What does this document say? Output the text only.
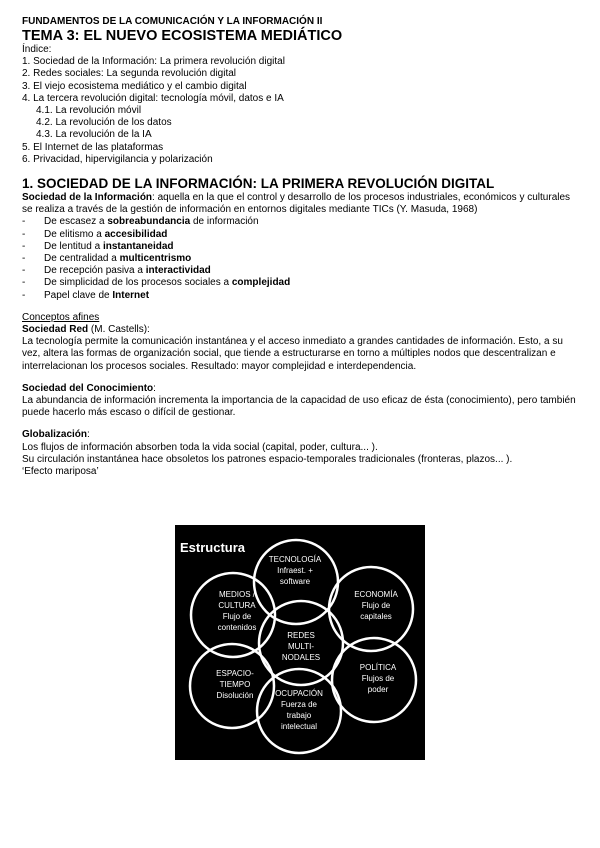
FUNDAMENTOS DE LA COMUNICACIÓN Y LA INFORMACIÓN II
TEMA 3: EL NUEVO ECOSISTEMA MEDIÁTICO
Índice:
1. Sociedad de la Información: La primera revolución digital
2. Redes sociales: La segunda revolución digital
3. El viejo ecosistema mediático y el cambio digital
4. La tercera revolución digital: tecnología móvil, datos e IA
4.1. La revolución móvil
4.2. La revolución de los datos
4.3. La revolución de la IA
5. El Internet de las plataformas
6. Privacidad, hipervigilancia y polarización
1. SOCIEDAD DE LA INFORMACIÓN: LA PRIMERA REVOLUCIÓN DIGITAL
Sociedad de la Información: aquella en la que el control y desarrollo de los procesos industriales, económicos y culturales se realiza a través de la gestión de información en entornos digitales mediante TICs (Y. Masuda, 1968)
- De escasez a sobreabundancia de información
- De elitismo a accesibilidad
- De lentitud a instantaneidad
- De centralidad a multicentrismo
- De recepción pasiva a interactividad
- De simplicidad de los procesos sociales a complejidad
- Papel clave de Internet
Conceptos afines
Sociedad Red (M. Castells):
La tecnología permite la comunicación instantánea y el acceso inmediato a grandes cantidades de información. Esto, a su vez, altera las formas de organización social, que tiende a estructurarse en torno a múltiples nodos que descentralizan e interrelacionan los procesos sociales. Resultado: mayor complejidad e interdependencia.
Sociedad del Conocimiento:
La abundancia de información incrementa la importancia de la capacidad de uso eficaz de ésta (conocimiento), pero también puede hacerlo más escaso o difícil de gestionar.
Globalización:
Los flujos de información absorben toda la vida social (capital, poder, cultura... ).
Su circulación instantánea hace obsoletos los patrones espacio-temporales tradicionales (fronteras, plazos... ).
‘Efecto mariposa’
Estructura
TECNOLOGÍA
Infraest. +
software
MEDIOS /
CULTURA
Flujo de
contenidos
ECONOMÍA
Flujo de
capitales
REDES
MULTI-
NODALES
ESPACIO-
TIEMPO
Disolución
POLÍTICA
Flujos de
poder
OCUPACIÓN
Fuerza de
trabajo
intelectual
